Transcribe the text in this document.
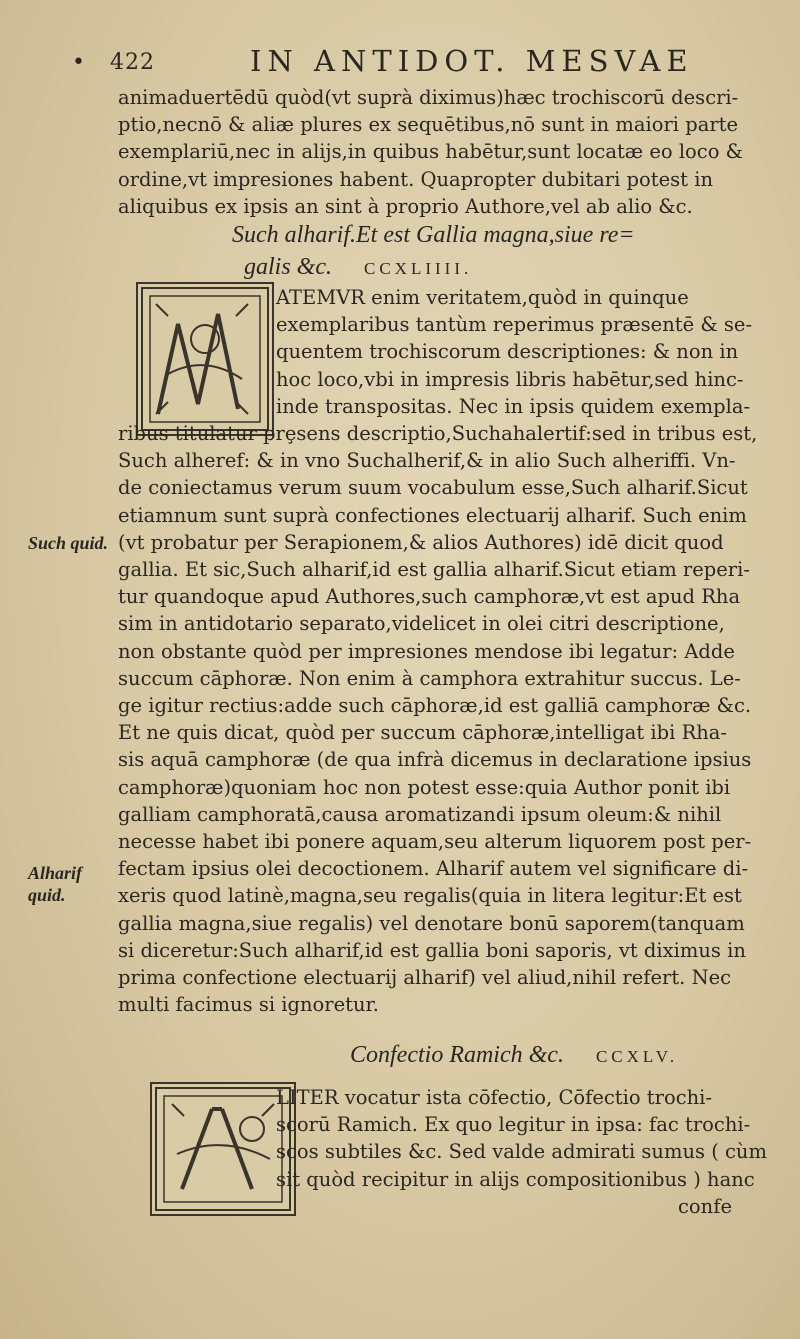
• 422	IN ANTIDOT. MESVAE
animaduertēdū quòd(vt suprà diximus)hæc trochiscorū descri-
ptio,necnō & aliæ plures ex sequētibus,nō sunt in maiori parte
exemplariū,nec in alijs,in quibus habētur,sunt locatæ eo loco &
ordine,vt impresiones habent. Quapropter dubitari potest in
aliquibus ex ipsis an sint à proprio Authore,vel ab alio &c.
Such alharif.Et est Gallia magna,siue re=
galis &c. CCXLIIII.
ATEMVR enim veritatem,quòd in quinque
exemplaribus tantùm reperimus præsentē & se-
quentem trochiscorum descriptiones: & non in
hoc loco,vbi in impresis libris habētur,sed hinc-
inde transpositas. Nec in ipsis quidem exempla-
ribus titulatur prȩsens descriptio,Suchahalertif:sed in tribus est,
Such alheref: & in vno Suchalherif,& in alio Such alheriffi. Vn-
de coniectamus verum suum vocabulum esse,Such alharif.Sicut
etiamnum sunt suprà confectiones electuarij alharif. Such enim
(vt probatur per Serapionem,& alios Authores) idē dicit quod
gallia. Et sic,Such alharif,id est gallia alharif.Sicut etiam reperi-
tur quandoque apud Authores,such camphoræ,vt est apud Rha
sim in antidotario separato,videlicet in olei citri descriptione,
non obstante quòd per impresiones mendose ibi legatur: Adde
succum cāphoræ. Non enim à camphora extrahitur succus. Le-
ge igitur rectius:adde such cāphoræ,id est galliā camphoræ &c.
Et ne quis dicat, quòd per succum cāphoræ,intelligat ibi Rha-
sis aquā camphoræ (de qua infrà dicemus in declaratione ipsius
camphoræ)quoniam hoc non potest esse:quia Author ponit ibi
galliam camphoratā,causa aromatizandi ipsum oleum:& nihil
necesse habet ibi ponere aquam,seu alterum liquorem post per-
fectam ipsius olei decoctionem. Alharif autem vel significare di-
xeris quod latinè,magna,seu regalis(quia in litera legitur:Et est
gallia magna,siue regalis) vel denotare bonū saporem(tanquam
si diceretur:Such alharif,id est gallia boni saporis, vt diximus in
prima confectione electuarij alharif) vel aliud,nihil refert. Nec
multi facimus si ignoretur.
Such quid.
Alharif
quid.
Confectio Ramich &c. CCXLV.
LITER vocatur ista cōfectio, Cōfectio trochi-
scorū Ramich. Ex quo legitur in ipsa: fac trochi-
scos subtiles &c. Sed valde admirati sumus ( cùm
sit quòd recipitur in alijs compositionibus ) hanc
confe
